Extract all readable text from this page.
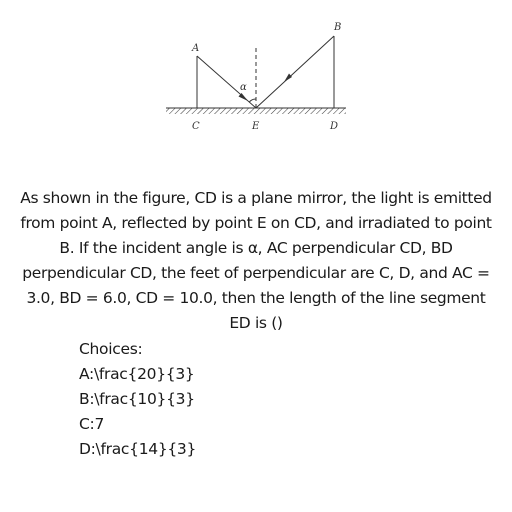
A
B
C	D
E
α

As shown in the figure, CD is a plane mirror, the light is emitted from point A, reflected by point E on CD, and irradiated to point B. If the incident angle is α, AC perpendicular CD, BD perpendicular CD, the feet of perpendicular are C, D, and AC = 3.0, BD = 6.0, CD = 10.0, then the length of the line segment ED is ()

Choices:
A:\frac{20}{3}
B:\frac{10}{3}
C:7
D:\frac{14}{3}
